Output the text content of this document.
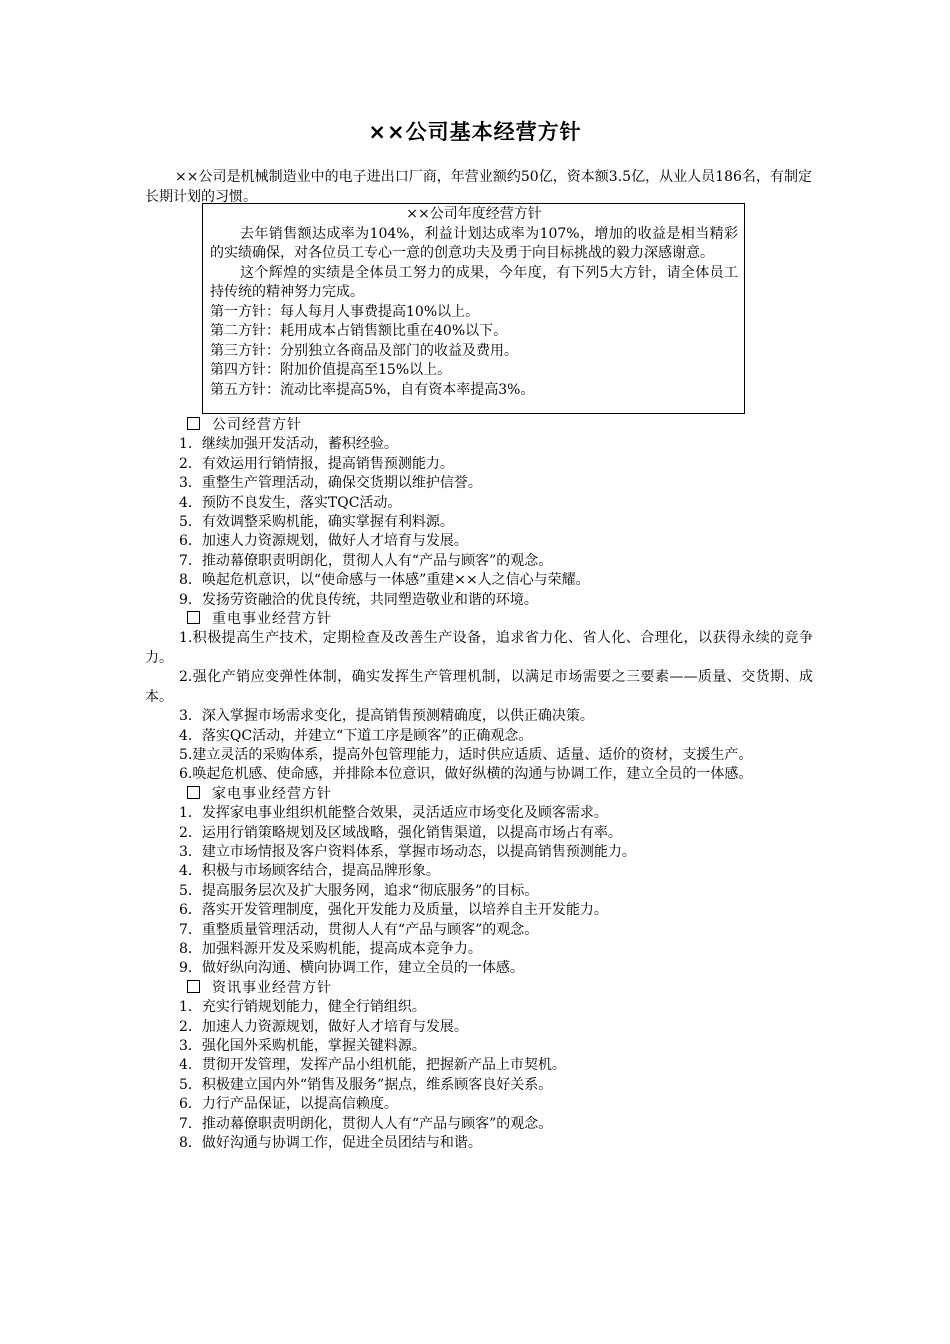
××公司基本经营方针
××公司是机械制造业中的电子进出口厂商，年营业额约50亿，资本额3.5亿，从业人员186名，有制定长期计划的习惯。
××公司年度经营方针
去年销售额达成率为104%，利益计划达成率为107%，增加的收益是相当精彩的实绩确保，对各位员工专心一意的创意功夫及勇于向目标挑战的毅力深感谢意。
这个辉煌的实绩是全体员工努力的成果，今年度，有下列5大方针，请全体员工持传统的精神努力完成。
第一方针：每人每月人事费提高10%以上。
第二方针：耗用成本占销售额比重在40%以下。
第三方针：分别独立各商品及部门的收益及费用。
第四方针：附加价值提高至15%以上。
第五方针：流动比率提高5%，自有资本率提高3%。
公司经营方针
1．继续加强开发活动，蓄积经验。
2．有效运用行销情报，提高销售预测能力。
3．重整生产管理活动，确保交货期以维护信誉。
4．预防不良发生，落实TQC活动。
5．有效调整采购机能，确实掌握有利料源。
6．加速人力资源规划，做好人才培育与发展。
7．推动幕僚职责明朗化，贯彻人人有“产品与顾客”的观念。
8．唤起危机意识，以“使命感与一体感”重建××人之信心与荣耀。
9．发扬劳资融洽的优良传统，共同塑造敬业和谐的环境。
重电事业经营方针
1.积极提高生产技术，定期检查及改善生产设备，追求省力化、省人化、合理化，以获得永续的竞争力。
2.强化产销应变弹性体制，确实发挥生产管理机制，以满足市场需要之三要素——质量、交货期、成本。
3．深入掌握市场需求变化，提高销售预测精确度，以供正确决策。
4．落实QC活动，并建立“下道工序是顾客”的正确观念。
5.建立灵活的采购体系，提高外包管理能力，适时供应适质、适量、适价的资材，支援生产。
6.唤起危机感、使命感，并排除本位意识，做好纵横的沟通与协调工作，建立全员的一体感。
家电事业经营方针
1．发挥家电事业组织机能整合效果，灵活适应市场变化及顾客需求。
2．运用行销策略规划及区域战略，强化销售渠道，以提高市场占有率。
3．建立市场情报及客户资料体系，掌握市场动态，以提高销售预测能力。
4．积极与市场顾客结合，提高品牌形象。
5．提高服务层次及扩大服务网，追求“彻底服务”的目标。
6．落实开发管理制度，强化开发能力及质量，以培养自主开发能力。
7．重整质量管理活动，贯彻人人有“产品与顾客”的观念。
8．加强料源开发及采购机能，提高成本竞争力。
9．做好纵向沟通、横向协调工作，建立全员的一体感。
资讯事业经营方针
1．充实行销规划能力，健全行销组织。
2．加速人力资源规划，做好人才培育与发展。
3．强化国外采购机能，掌握关键料源。
4．贯彻开发管理，发挥产品小组机能，把握新产品上市契机。
5．积极建立国内外“销售及服务”据点，维系顾客良好关系。
6．力行产品保证，以提高信赖度。
7．推动幕僚职责明朗化，贯彻人人有“产品与顾客”的观念。
8．做好沟通与协调工作，促进全员团结与和谐。
